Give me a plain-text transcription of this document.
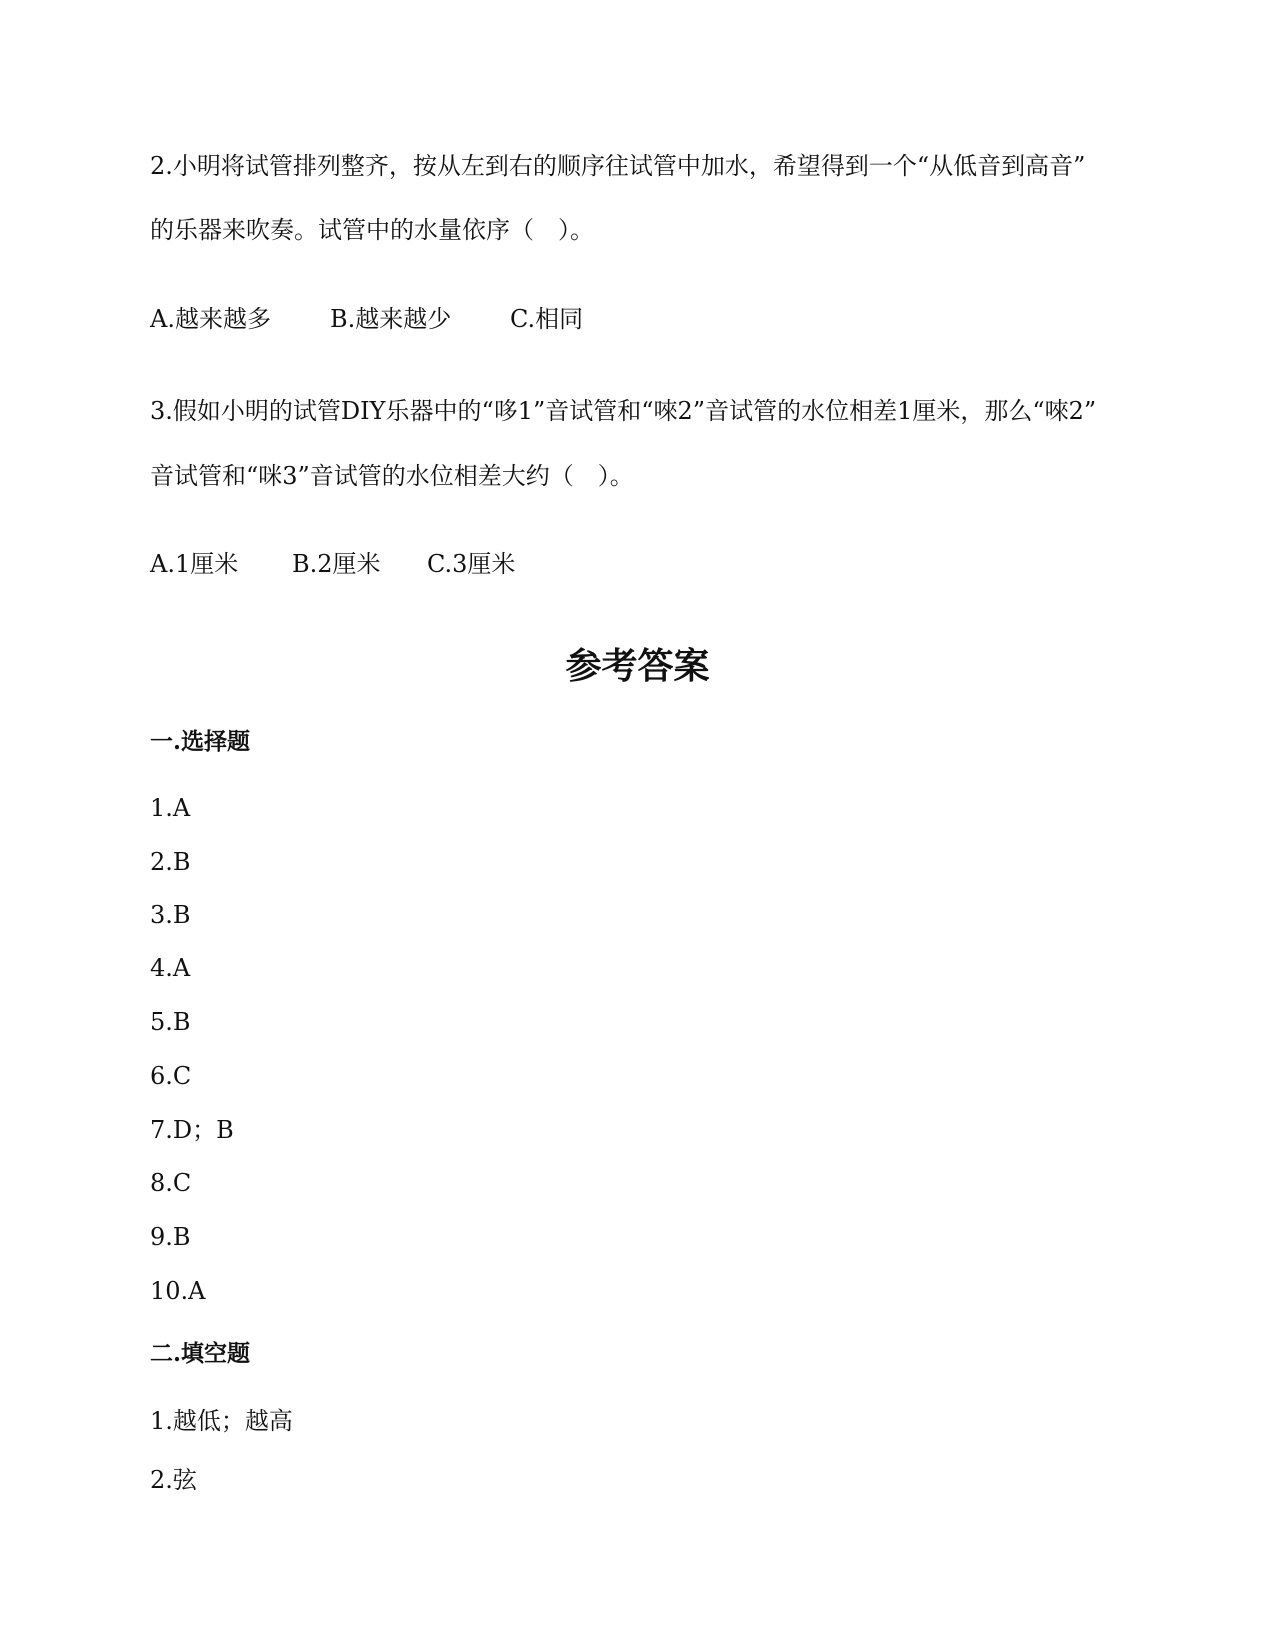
2.小明将试管排列整齐，按从左到右的顺序往试管中加水，希望得到一个“从低音到高音”
的乐器来吹奏。试管中的水量依序（　）。
A.越来越多 B.越来越少 C.相同
3.假如小明的试管DIY乐器中的“哆1”音试管和“唻2”音试管的水位相差1厘米，那么“唻2”
音试管和“咪3”音试管的水位相差大约（　）。
A.1厘米 B.2厘米 C.3厘米
参考答案
一.选择题
1.A
2.B
3.B
4.A
5.B
6.C
7.D；B
8.C
9.B
10.A
二.填空题
1.越低；越高
2.弦
